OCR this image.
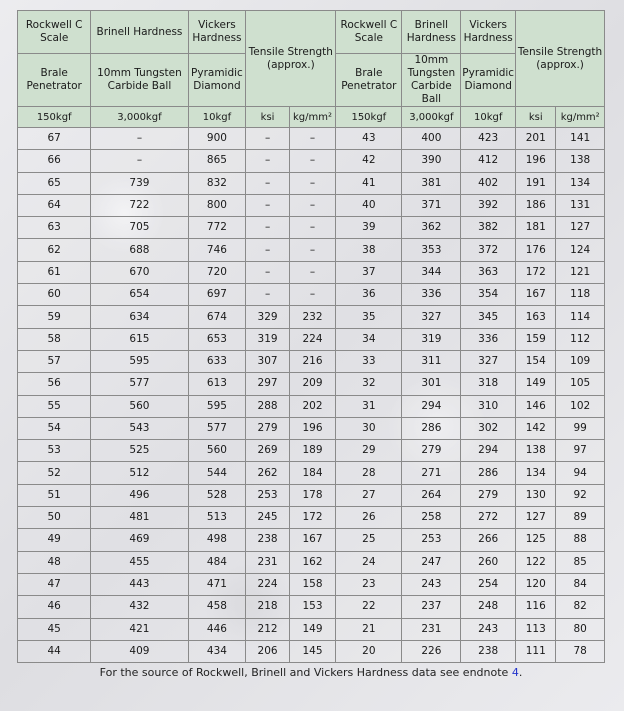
Rockwell C Scale	Brinell Hardness	Vickers Hardness	Tensile Strength (approx.)		Rockwell C Scale	Brinell Hardness	Vickers Hardness	Tensile Strength (approx.)	
Brale Penetrator	10mm Tungsten Carbide Ball	Pyramidic Diamond			Brale Penetrator	10mm Tungsten Carbide Ball	Pyramidic Diamond		
150kgf	3,000kgf	10kgf	ksi	kg/mm²	150kgf	3,000kgf	10kgf	ksi	kg/mm²
67	–	900	–	–	43	400	423	201	141
66	–	865	–	–	42	390	412	196	138
65	739	832	–	–	41	381	402	191	134
64	722	800	–	–	40	371	392	186	131
63	705	772	–	–	39	362	382	181	127
62	688	746	–	–	38	353	372	176	124
61	670	720	–	–	37	344	363	172	121
60	654	697	–	–	36	336	354	167	118
59	634	674	329	232	35	327	345	163	114
58	615	653	319	224	34	319	336	159	112
57	595	633	307	216	33	311	327	154	109
56	577	613	297	209	32	301	318	149	105
55	560	595	288	202	31	294	310	146	102
54	543	577	279	196	30	286	302	142	99
53	525	560	269	189	29	279	294	138	97
52	512	544	262	184	28	271	286	134	94
51	496	528	253	178	27	264	279	130	92
50	481	513	245	172	26	258	272	127	89
49	469	498	238	167	25	253	266	125	88
48	455	484	231	162	24	247	260	122	85
47	443	471	224	158	23	243	254	120	84
46	432	458	218	153	22	237	248	116	82
45	421	446	212	149	21	231	243	113	80
44	409	434	206	145	20	226	238	111	78
For the source of Rockwell, Brinell and Vickers Hardness data see endnote 4.
